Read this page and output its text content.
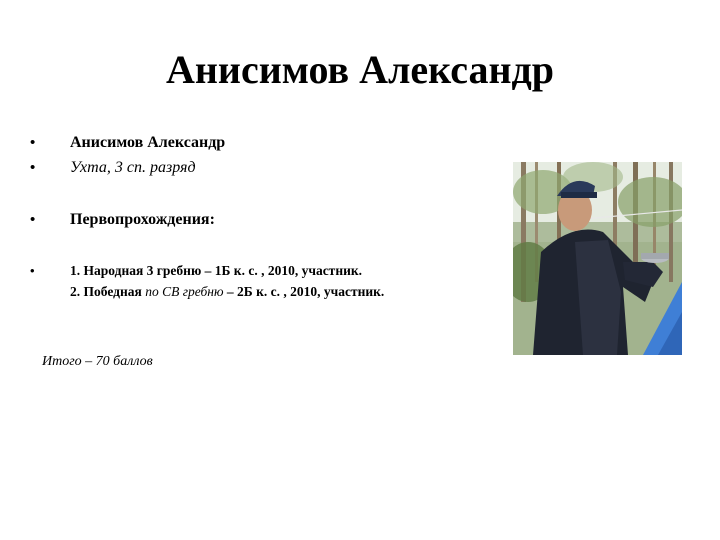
Анисимов Александр
•	Анисимов Александр
•	Ухта, 3 сп. разряд
•	Первопрохождения:
•	1. Народная 3 гребню – 1Б к. с. , 2010, участник.
2. Победная по СВ гребню – 2Б к. с. , 2010, участник.
Итого – 70 баллов
